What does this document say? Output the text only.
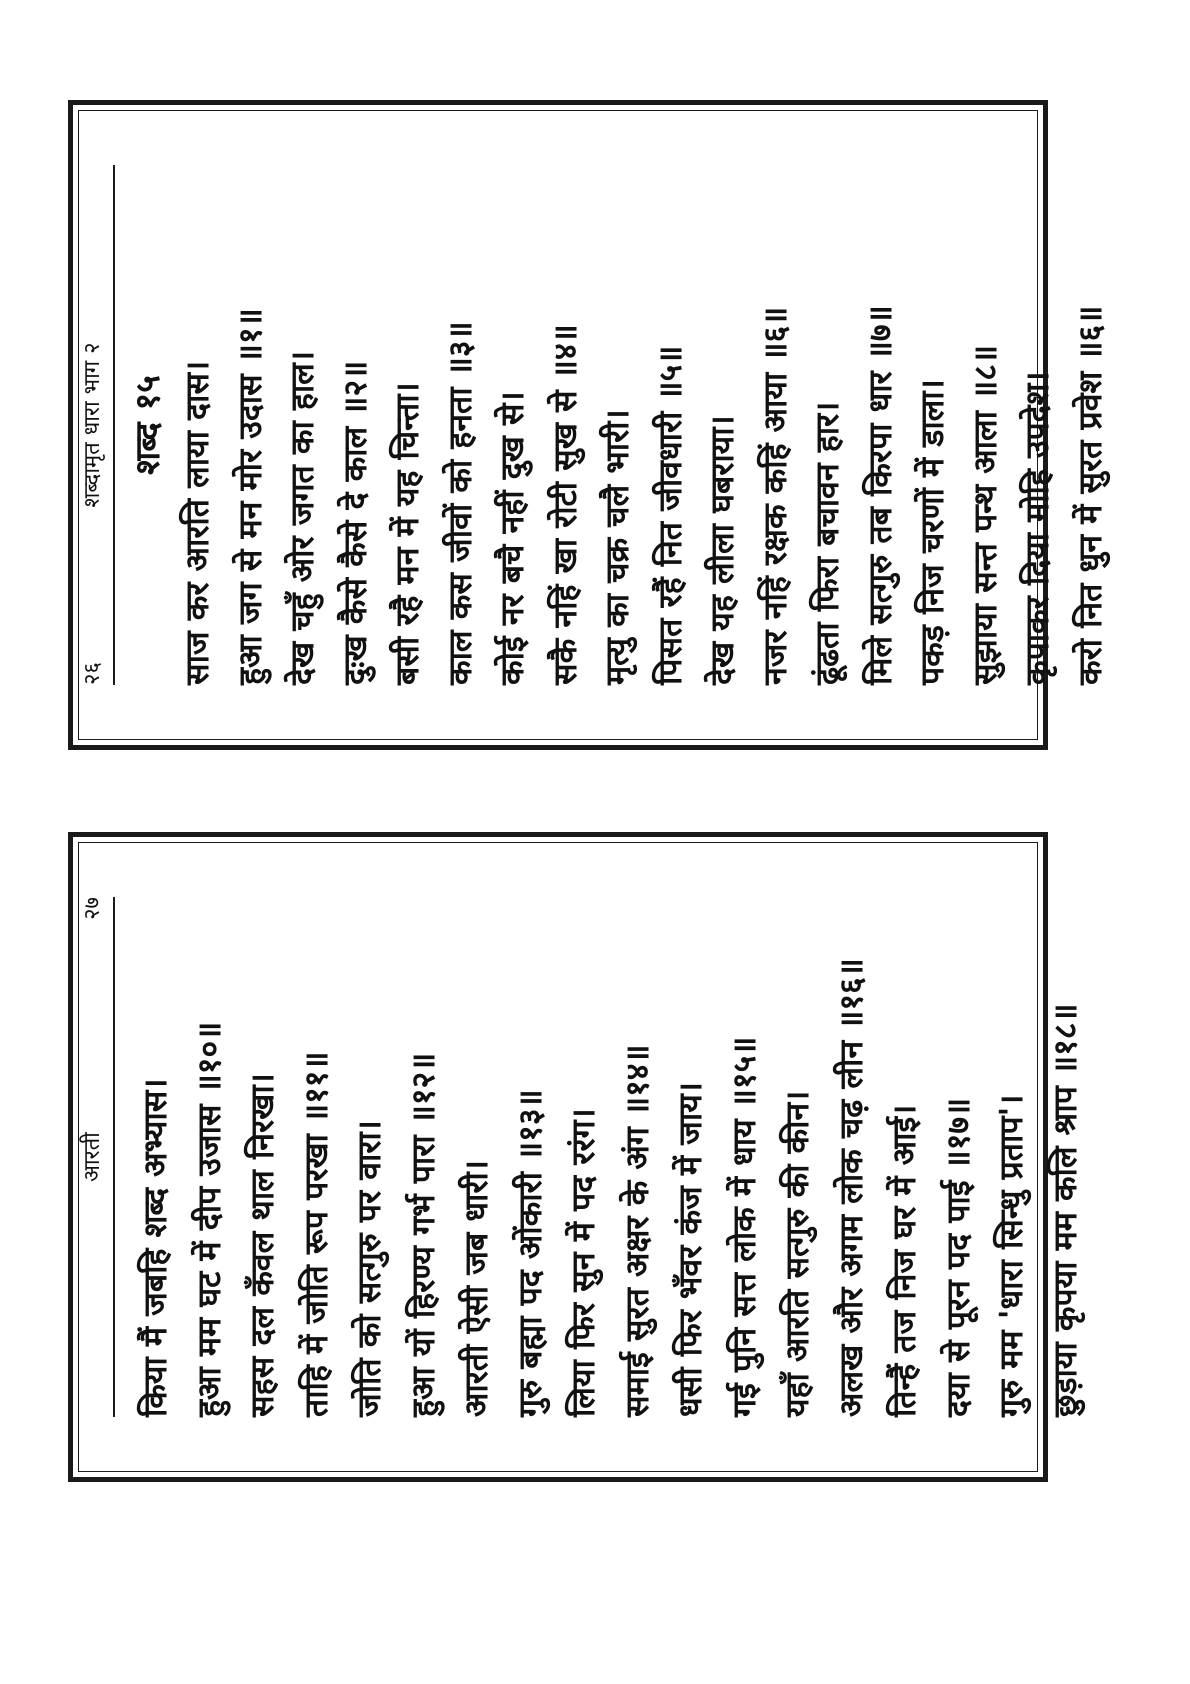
२६
शब्दामृत धारा भाग २ शब्द १५ साज कर आरति लाया दास। हुआ जग से मन मोर उदास ॥१॥ देख चहुँ ओर जगत का हाल। दुःख कैसे कैसे दे काल ॥२॥ बसी रहै मन में यह चिन्ता। काल कस जीवों को हनता ॥३॥ कोई नर बचै नहीं दुख से। सकै नहिं खा रोटी सुख से ॥४॥ मृत्यु का चक्र चलै भारी। पिसत रहैं नित जीवधारी ॥५॥ देख यह लीला घबराया। नजर नहिं रक्षक कहिं आया ॥६॥ ढूंढता फिरा बचावन हार। मिले सत्गुरु तब किरपा धार ॥७॥ पकड़ निज चरणों में डाला। सुझाया सन्त पन्थ आला ॥८॥ कृपाकर दिया मोहि उपदेश। करो नित धुन में सुरत प्रवेश ॥६॥
२७
आरती किया मैं जबहि शब्द अभ्यास। हुआ मम घट में दीप उजास ॥१०॥ सहस दल कँवल थाल निरखा। ताहि में जोति रूप परखा ॥११॥ जोति को सत्गुरु पर वारा। हुआ यों हिरण्य गर्भ पारा ॥१२॥ आरती ऐसी जब धारी। गुरु बह्मा पद ओंकारी ॥१३॥ लिया फिर सुन में पद ररंग। समाई सुरत अक्षर के अंग ॥१४॥ धसी फिर भँवर कंज में जाय। गई पुनि सत्त लोक में धाय ॥१५॥ यहाँ आरति सत्गुरु की कीन। अलख और अगम लोक चढ़ लीन ॥१६॥ तिन्हैं तज निज घर में आई। दया से पूरन पद पाई ॥१७॥ गुरु मम 'धारा सिन्धु प्रताप'। छुड़ाया कृपया मम कलि श्राप ॥१८॥
